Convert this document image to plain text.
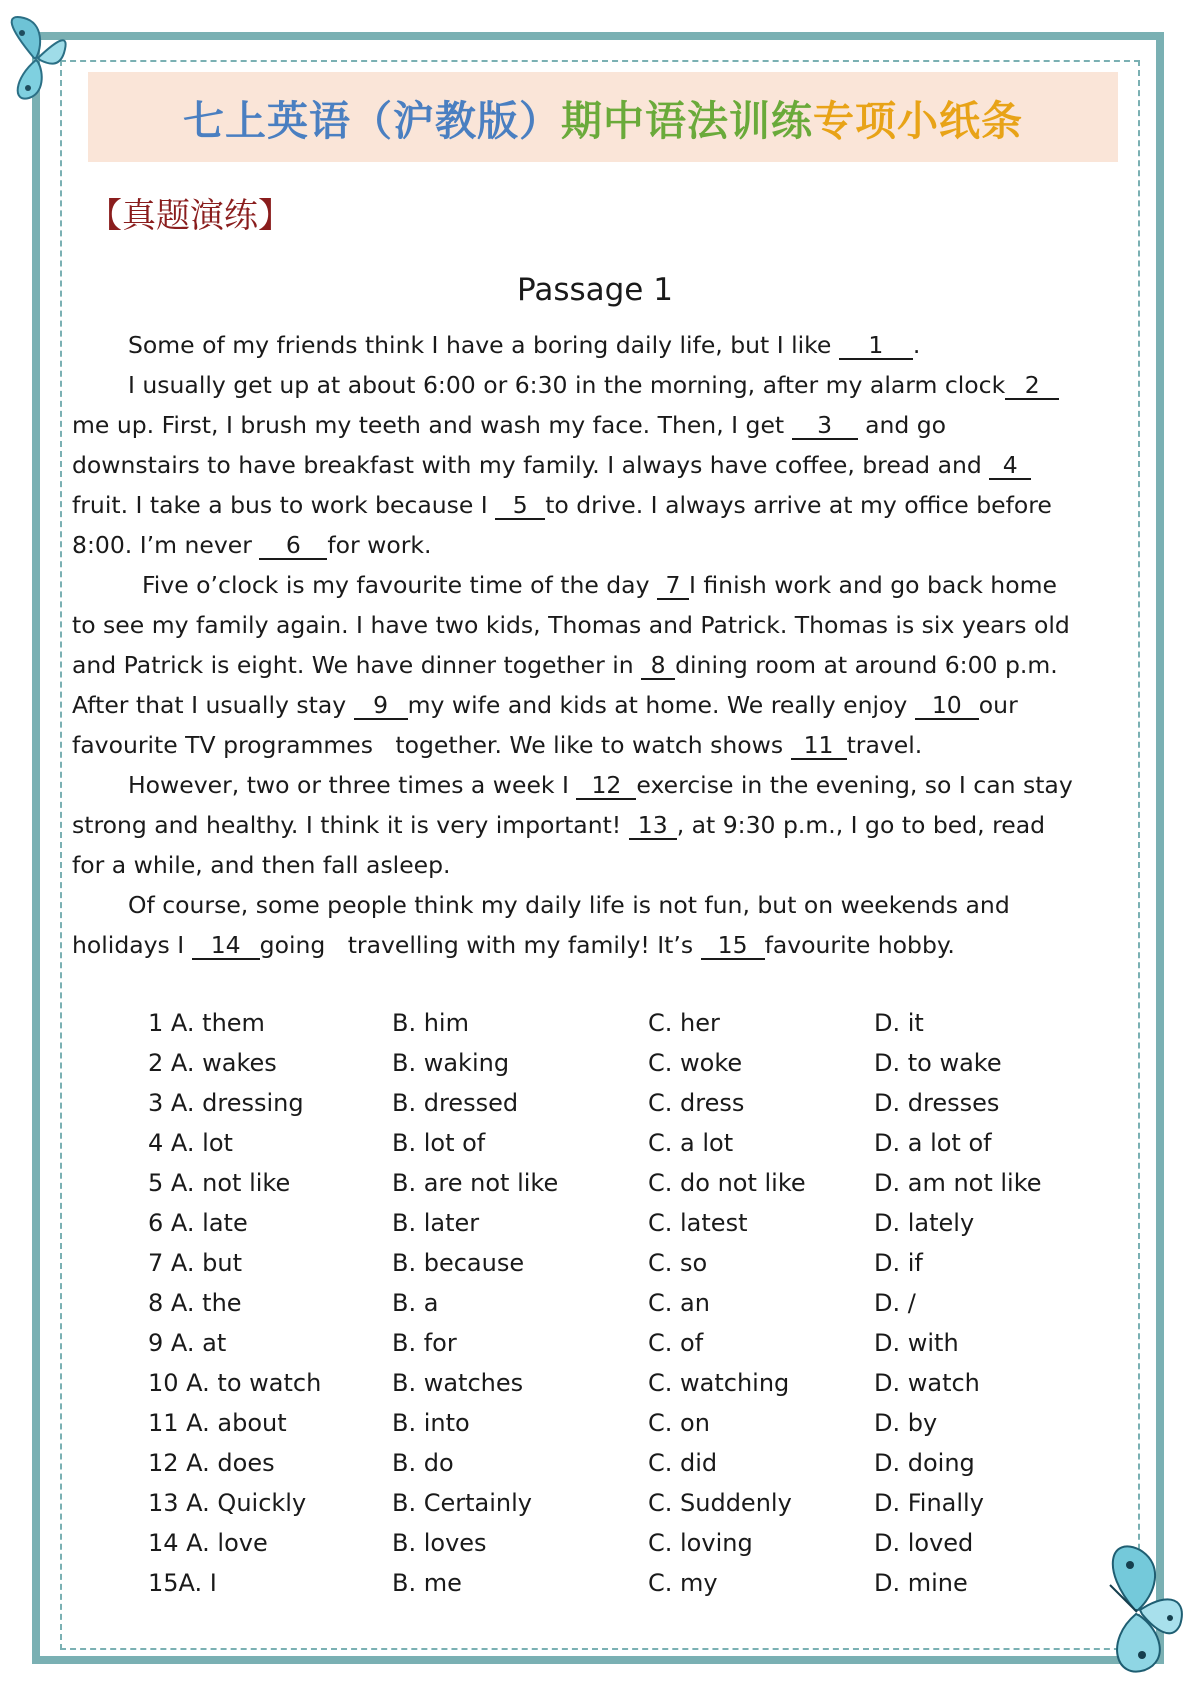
七上英语（沪教版） 期中语法训练 专项小纸条
【真题演练】
Passage 1
Some of my friends think I have a boring daily life, but I like 1 .
I usually get up at about 6:00 or 6:30 in the morning, after my alarm clock 2
me up. First, I brush my teeth and wash my face. Then, I get 3 and go
downstairs to have breakfast with my family. I always have coffee, bread and 4
fruit. I take a bus to work because I 5 to drive. I always arrive at my office before
8:00. I’m never 6 for work.
Five o’clock is my favourite time of the day 7 I finish work and go back home
to see my family again. I have two kids, Thomas and Patrick. Thomas is six years old
and Patrick is eight. We have dinner together in 8 dining room at around 6:00 p.m.
After that I usually stay 9 my wife and kids at home. We really enjoy 10 our
favourite TV programmes   together. We like to watch shows 11 travel.
However, two or three times a week I 12 exercise in the evening, so I can stay
strong and healthy. I think it is very important! 13 , at 9:30 p.m., I go to bed, read
for a while, and then fall asleep.
Of course, some people think my daily life is not fun, but on weekends and
holidays I 14 going   travelling with my family! It’s 15 favourite hobby.
1 A. them	B. him	C. her	D. it
2 A. wakes	B. waking	C. woke	D. to wake
3 A. dressing	B. dressed	C. dress	D. dresses
4 A. lot	B. lot of	C. a lot	D. a lot of
5 A. not like	B. are not like	C. do not like	D. am not like
6 A. late	B. later	C. latest	D. lately
7 A. but	B. because	C. so	D. if
8 A. the	B. a	C. an	D. /
9 A. at	B. for	C. of	D. with
10 A. to watch	B. watches	C. watching	D. watch
11 A. about	B. into	C. on	D. by
12 A. does	B. do	C. did	D. doing
13 A. Quickly	B. Certainly	C. Suddenly	D. Finally
14 A. love	B. loves	C. loving	D. loved
15A. I	B. me	C. my	D. mine
